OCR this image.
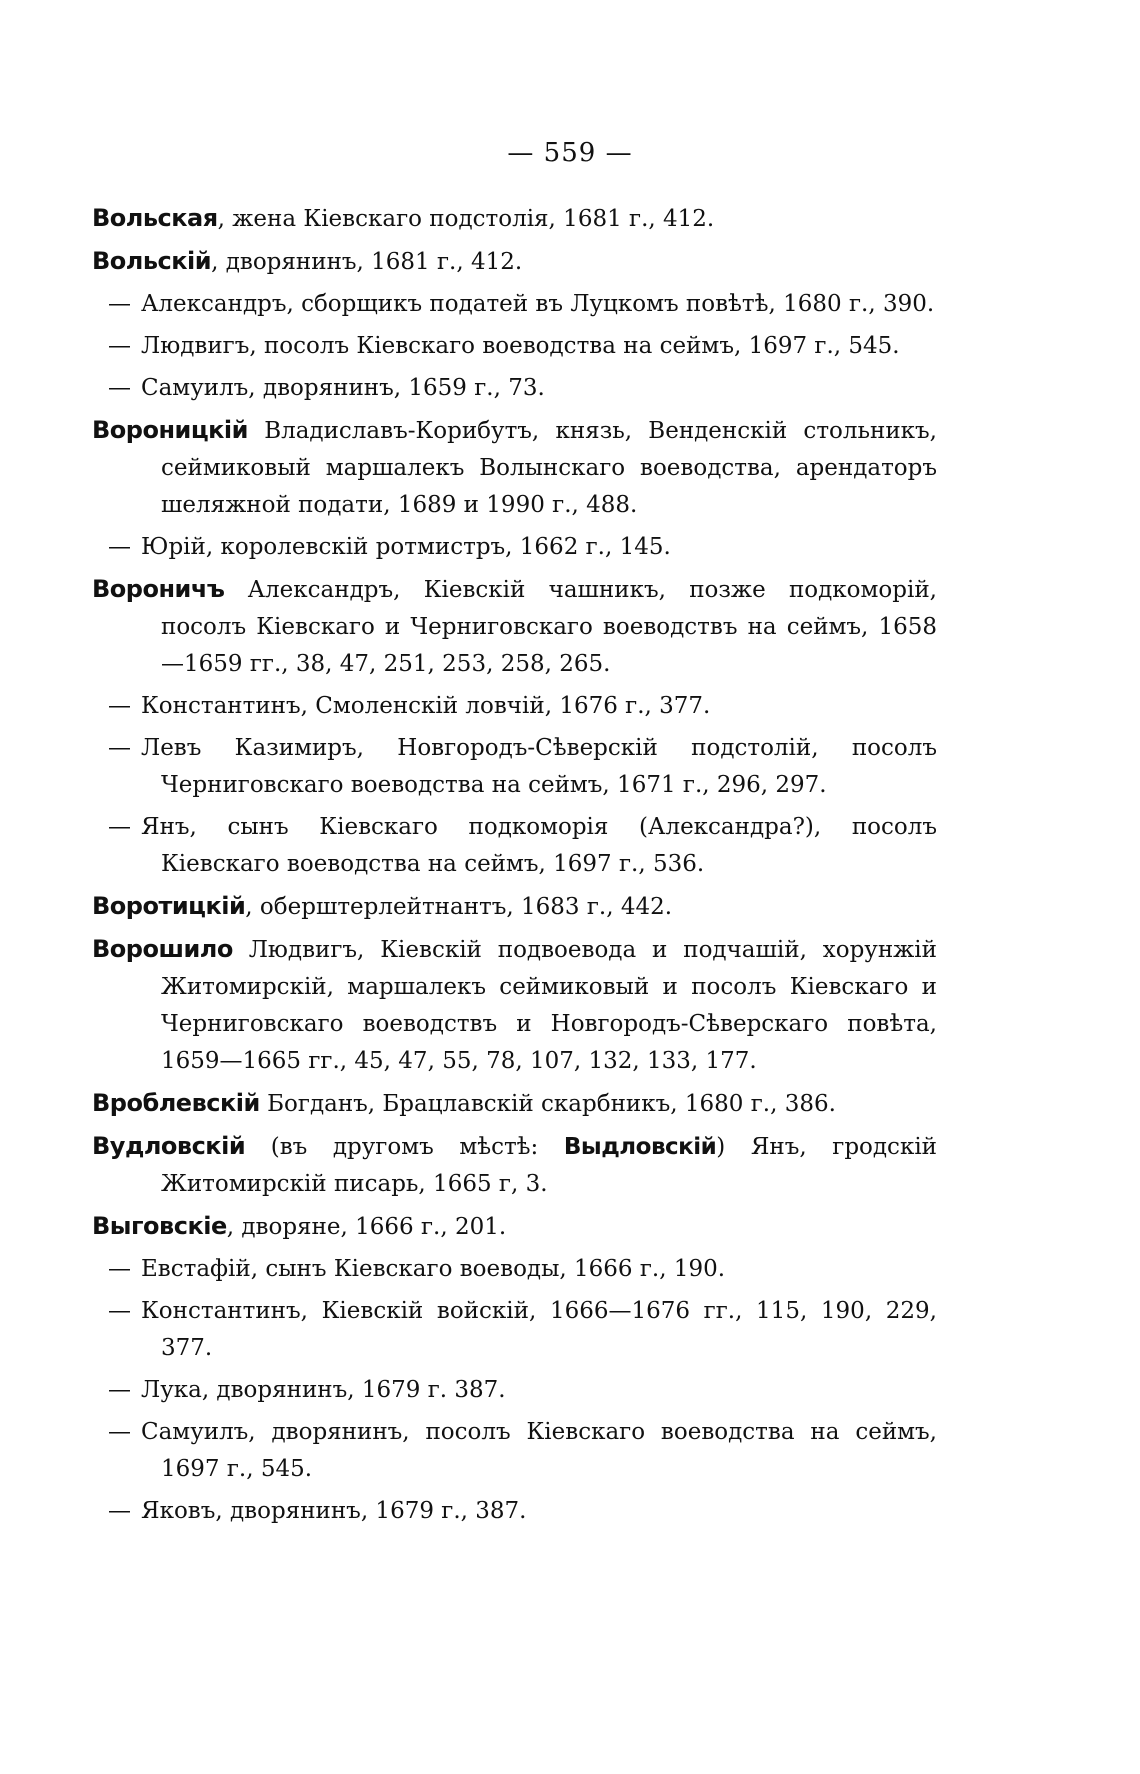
— 559 —

Вольская, жена Кіевскаго подстолія, 1681 г., 412.

Вольскій, дворянинъ, 1681 г., 412.

— Александръ, сборщикъ податей въ Луцкомъ повѣтѣ, 1680 г., 390.

— Людвигъ, посолъ Кіевскаго воеводства на сеймъ, 1697 г., 545.

— Самуилъ, дворянинъ, 1659 г., 73.

Вороницкій Владиславъ-Корибутъ, князь, Венденскій стольникъ, сеймиковый маршалекъ Волынскаго воеводства, арендаторъ шеляжной подати, 1689 и 1990 г., 488.

— Юрій, королевскій ротмистръ, 1662 г., 145.

Вороничъ Александръ, Кіевскій чашникъ, позже подкоморій, посолъ Кіевскаго и Черниговскаго воеводствъ на сеймъ, 1658—1659 гг., 38, 47, 251, 253, 258, 265.

— Константинъ, Смоленскій ловчій, 1676 г., 377.

— Левъ Казимиръ, Новгородъ-Сѣверскій подстолій, посолъ Черниговскаго воеводства на сеймъ, 1671 г., 296, 297.

— Янъ, сынъ Кіевскаго подкоморія (Александра?), посолъ Кіевскаго воеводства на сеймъ, 1697 г., 536.

Воротицкій, оберштерлейтнантъ, 1683 г., 442.

Ворошило Людвигъ, Кіевскій подвоевода и подчашій, хорунжій Житомирскій, маршалекъ сеймиковый и посолъ Кіевскаго и Черниговскаго воеводствъ и Новгородъ-Сѣверскаго повѣта, 1659—1665 гг., 45, 47, 55, 78, 107, 132, 133, 177.

Вроблевскій Богданъ, Брацлавскій скарбникъ, 1680 г., 386.

Вудловскій (въ другомъ мѣстѣ: Выдловскій) Янъ, гродскій Житомирскій писарь, 1665 г, 3.

Выговскіе, дворяне, 1666 г., 201.

— Евстафій, сынъ Кіевскаго воеводы, 1666 г., 190.

— Константинъ, Кіевскій войскій, 1666—1676 гг., 115, 190, 229, 377.

— Лука, дворянинъ, 1679 г. 387.

— Самуилъ, дворянинъ, посолъ Кіевскаго воеводства на сеймъ, 1697 г., 545.

— Яковъ, дворянинъ, 1679 г., 387.
